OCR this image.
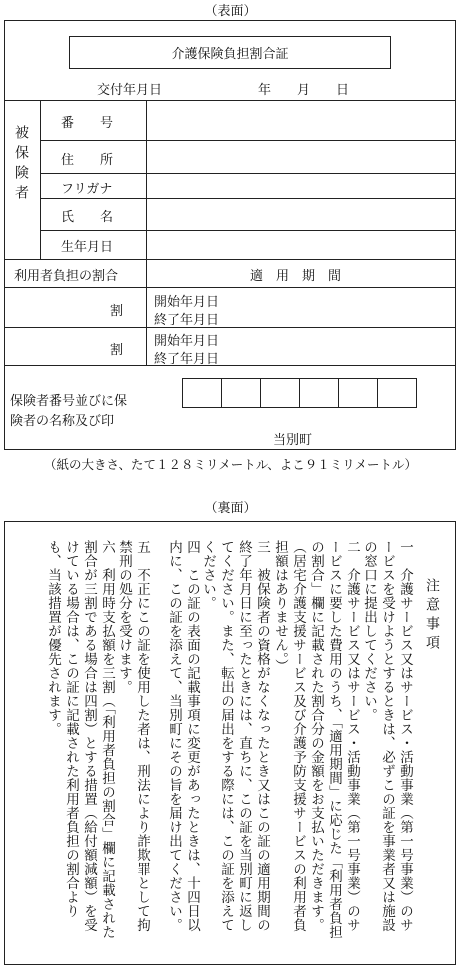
（表面）
介護保険負担割合証
交付年月日	年　　月　　日
被保険者
番　　号
住　　所
フリガナ
氏　　名
生年月日
利用者負担の割合	適　用　期　間
割
開始年月日
終了年月日
割
開始年月日
終了年月日
保険者番号並びに保
険者の名称及び印
当別町
（紙の大きさ、たて１２８ミリメートル、よこ９１ミリメートル）
（裏面）
注意事項
一　介護サービス又はサービス・活動事業（第一号事業）のサービスを受けようとするときは、必ずこの証を事業者又は施設の窓口に提出してください。
二　介護サービス又はサービス・活動事業（第一号事業）のサービスに要した費用のうち、「適用期間」に応じた「利用者負担の割合」欄に記載された割合分の金額をお支払いただきます。（居宅介護支援サービス及び介護予防支援サービスの利用者負担額はありません。）
三　被保険者の資格がなくなったとき又はこの証の適用期間の終了年月日に至ったときには、直ちに、この証を当別町に返してください。また、転出の届出をする際には、この証を添えてください。
四　この証の表面の記載事項に変更があったときは、十四日以内に、この証を添えて、当別町にその旨を届け出てください。
五　不正にこの証を使用した者は、刑法により詐欺罪として拘禁刑の処分を受けます。
六　利用時支払額を三割（「利用者負担の割合」欄に記載された割合が三割である場合は四割）とする措置（給付額減額）を受けている場合は、この証に記載された利用者負担の割合よりも、当該措置が優先されます。
